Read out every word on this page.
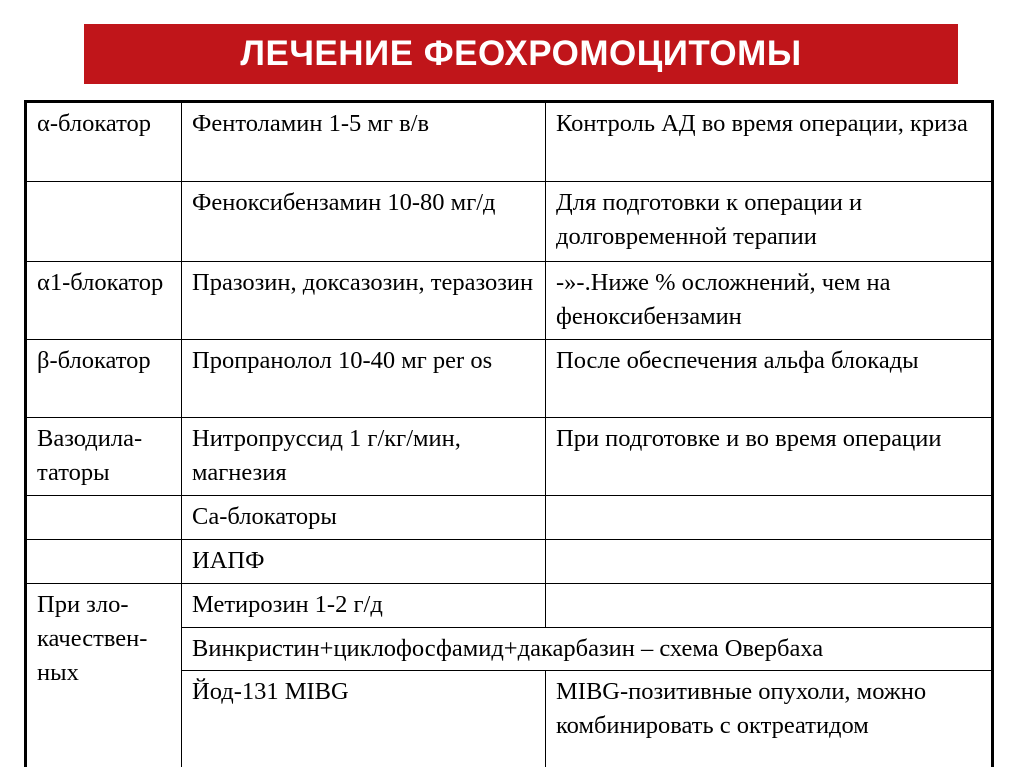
ЛЕЧЕНИЕ ФЕОХРОМОЦИТОМЫ
α-блокатор	Фентоламин 1-5 мг в/в	Контроль АД во время операции, криза
	Феноксибензамин 10-80 мг/д	Для подготовки к операции и долговременной терапии
α1-блокатор	Празозин, доксазозин, теразозин	-»-.Ниже % осложнений, чем на феноксибензамин
β-блокатор	Пропранолол 10-40 мг per os	После обеспечения альфа блокады
Вазодила-таторы	Нитропруссид 1 г/кг/мин, магнезия	При подготовке и во время операции
	Са-блокаторы	
	ИАПФ	
При зло-качествен-ных	Метирозин 1-2 г/д	
	Винкристин+циклофосфамид+дакарбазин – схема Овербаха	
	Йод-131 MIBG	MIBG-позитивные опухоли, можно комбинировать с октреатидом
